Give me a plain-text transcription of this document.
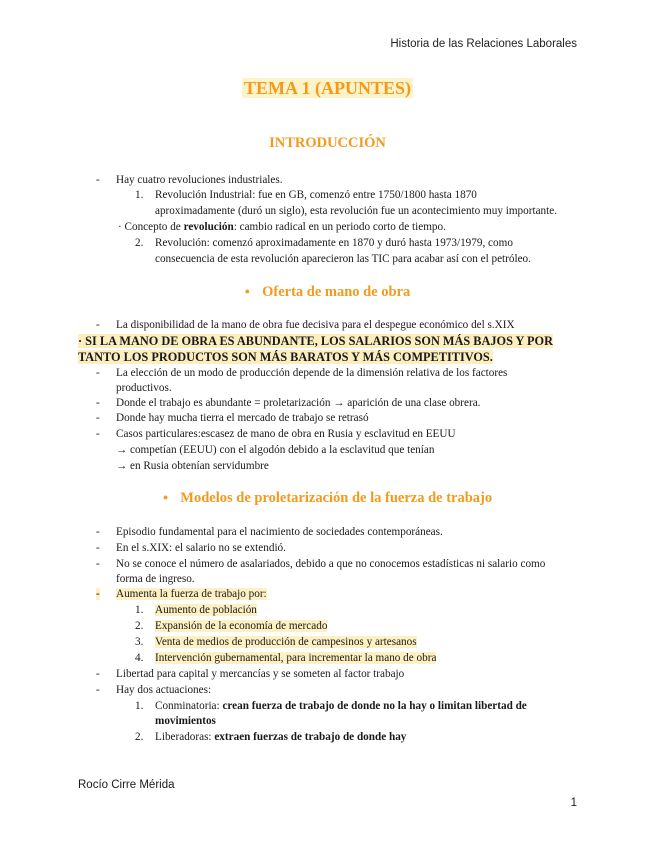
Historia de las Relaciones Laborales
TEMA 1 (APUNTES)
INTRODUCCIÓN
- Hay cuatro revoluciones industriales.
1. Revolución Industrial: fue en GB, comenzó entre 1750/1800 hasta 1870
aproximadamente (duró un siglo), esta revolución fue un acontecimiento muy importante.
· Concepto de revolución: cambio radical en un periodo corto de tiempo.
2. Revolución: comenzó aproximadamente en 1870 y duró hasta 1973/1979, como
consecuencia de esta revolución aparecieron las TIC para acabar así con el petróleo.
● Oferta de mano de obra
- La disponibilidad de la mano de obra fue decisiva para el despegue económico del s.XIX
· SI LA MANO DE OBRA ES ABUNDANTE, LOS SALARIOS SON MÁS BAJOS Y POR
TANTO LOS PRODUCTOS SON MÁS BARATOS Y MÁS COMPETITIVOS.
- La elección de un modo de producción depende de la dimensión relativa de los factores
productivos.
- Donde el trabajo es abundante = proletarización → aparición de una clase obrera.
- Donde hay mucha tierra el mercado de trabajo se retrasó
- Casos particulares:escasez de mano de obra en Rusia y esclavitud en EEUU
→ competían (EEUU) con el algodón debido a la esclavitud que tenían
→ en Rusia obtenían servidumbre
● Modelos de proletarización de la fuerza de trabajo
- Episodio fundamental para el nacimiento de sociedades contemporáneas.
- En el s.XIX: el salario no se extendió.
- No se conoce el número de asalariados, debido a que no conocemos estadísticas ni salario como
forma de ingreso.
- Aumenta la fuerza de trabajo por:
1. Aumento de población
2. Expansión de la economía de mercado
3. Venta de medios de producción de campesinos y artesanos
4. Intervención gubernamental, para incrementar la mano de obra
- Libertad para capital y mercancías y se someten al factor trabajo
- Hay dos actuaciones:
1. Conminatoria: crean fuerza de trabajo de donde no la hay o limitan libertad de
movimientos
2. Liberadoras: extraen fuerzas de trabajo de donde hay
Rocío Cirre Mérida
1
